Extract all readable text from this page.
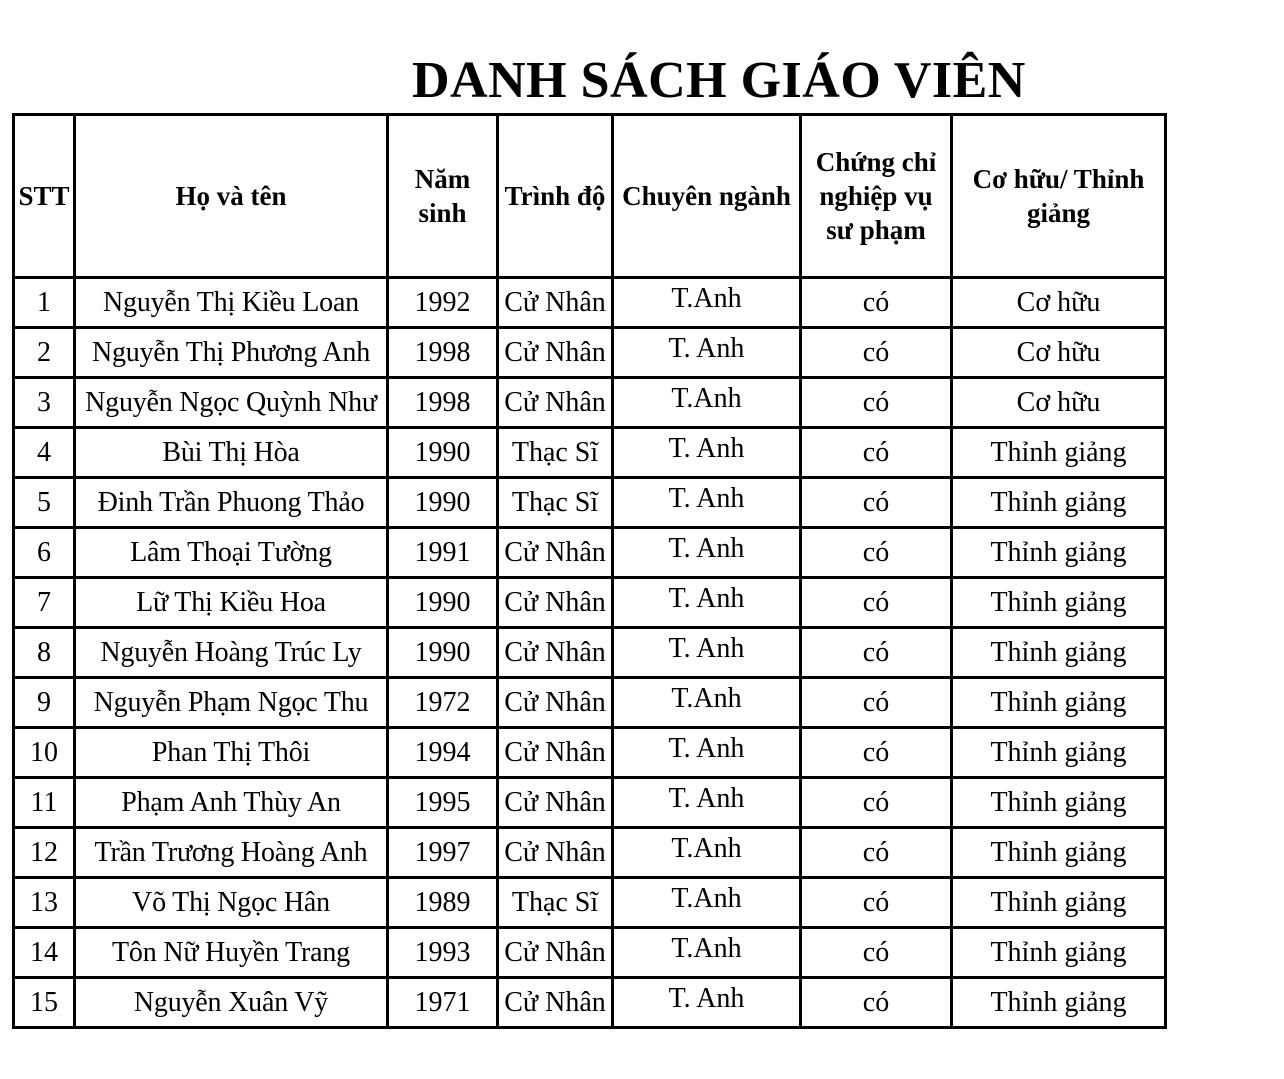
DANH SÁCH GIÁO VIÊN
STT	Họ và tên	Năm sinh	Trình độ	Chuyên ngành	Chứng chỉ nghiệp vụ sư phạm	Cơ hữu/ Thỉnh giảng
1	Nguyễn Thị Kiều Loan	1992	Cử Nhân	T.Anh	có	Cơ hữu
2	Nguyễn Thị Phương Anh	1998	Cử Nhân	T. Anh	có	Cơ hữu
3	Nguyễn Ngọc Quỳnh Như	1998	Cử Nhân	T.Anh	có	Cơ hữu
4	Bùi Thị Hòa	1990	Thạc Sĩ	T. Anh	có	Thỉnh giảng
5	Đinh Trần Phuong Thảo	1990	Thạc Sĩ	T. Anh	có	Thỉnh giảng
6	Lâm Thoại Tường	1991	Cử Nhân	T. Anh	có	Thỉnh giảng
7	Lữ Thị Kiều Hoa	1990	Cử Nhân	T. Anh	có	Thỉnh giảng
8	Nguyễn Hoàng Trúc Ly	1990	Cử Nhân	T. Anh	có	Thỉnh giảng
9	Nguyễn Phạm Ngọc Thu	1972	Cử Nhân	T.Anh	có	Thỉnh giảng
10	Phan Thị Thôi	1994	Cử Nhân	T. Anh	có	Thỉnh giảng
11	Phạm Anh Thùy An	1995	Cử Nhân	T. Anh	có	Thỉnh giảng
12	Trần Trương Hoàng Anh	1997	Cử Nhân	T.Anh	có	Thỉnh giảng
13	Võ Thị Ngọc Hân	1989	Thạc Sĩ	T.Anh	có	Thỉnh giảng
14	Tôn Nữ Huyền Trang	1993	Cử Nhân	T.Anh	có	Thỉnh giảng
15	Nguyễn Xuân Vỹ	1971	Cử Nhân	T. Anh	có	Thỉnh giảng
